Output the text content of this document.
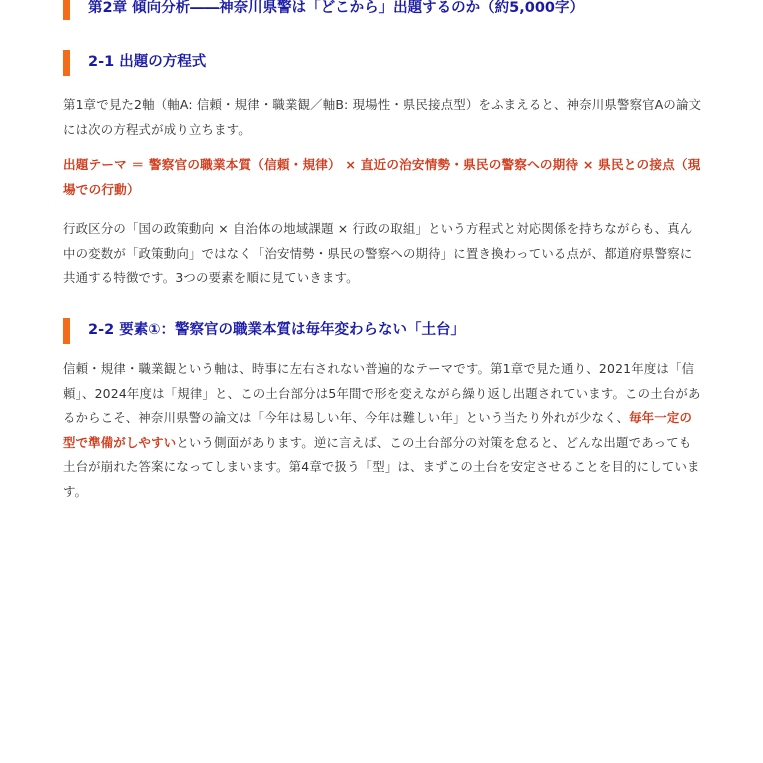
第2章 傾向分析――神奈川県警は「どこから」出題するのか（約5,000字）
2-1 出題の方程式

第1章で見た2軸（軸A: 信頼・規律・職業観／軸B: 現場性・県民接点型）をふまえると、神奈川県警察官Aの論文には次の方程式が成り立ちます。

出題テーマ ＝ 警察官の職業本質（信頼・規律） × 直近の治安情勢・県民の警察への期待 × 県民との接点（現場での行動）

行政区分の「国の政策動向 × 自治体の地域課題 × 行政の取組」という方程式と対応関係を持ちながらも、真ん中の変数が「政策動向」ではなく「治安情勢・県民の警察への期待」に置き換わっている点が、都道府県警察に共通する特徴です。3つの要素を順に見ていきます。

2-2 要素①：警察官の職業本質は毎年変わらない「土台」

信頼・規律・職業観という軸は、時事に左右されない普遍的なテーマです。第1章で見た通り、2021年度は「信頼」、2024年度は「規律」と、この土台部分は5年間で形を変えながら繰り返し出題されています。この土台があるからこそ、神奈川県警の論文は「今年は易しい年、今年は難しい年」という当たり外れが少なく、毎年一定の型で準備がしやすいという側面があります。逆に言えば、この土台部分の対策を怠ると、どんな出題であっても土台が崩れた答案になってしまいます。第4章で扱う「型」は、まずこの土台を安定させることを目的にしています。
